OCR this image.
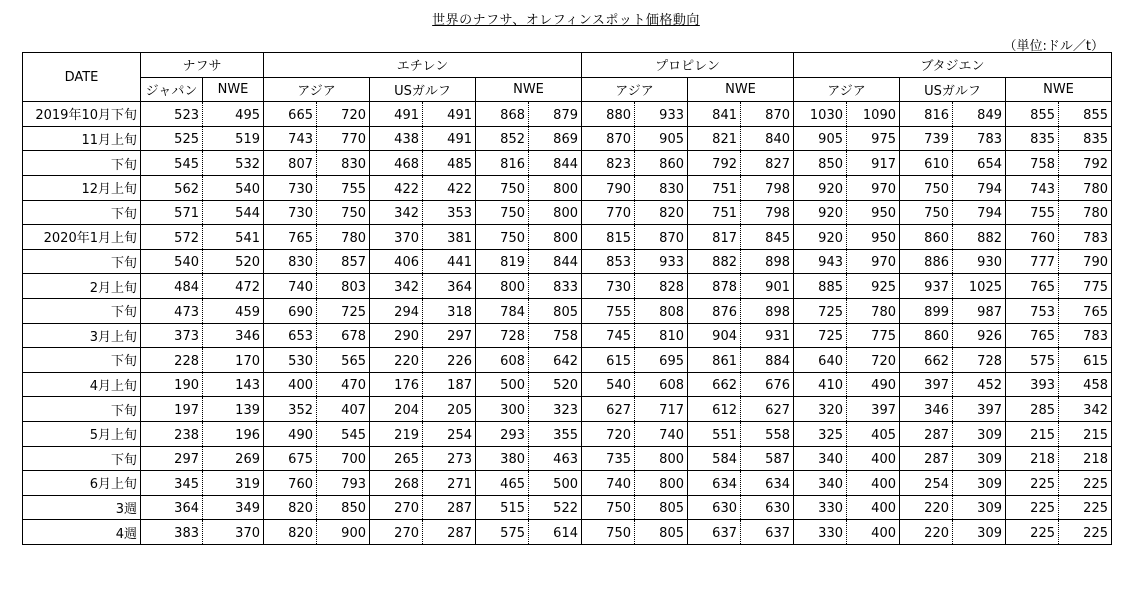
世界のナフサ、オレフィンスポット価格動向
（単位:ドル／t）
DATE	ナフサ		エチレン						プロピレン				ブタジエン					
	ジャパン	NWE	アジア		USガルフ		NWE		アジア		NWE		アジア		USガルフ		NWE	
2019年10月下旬	523	495	665	720	491	491	868	879	880	933	841	870	1030	1090	816	849	855	855
11月上旬	525	519	743	770	438	491	852	869	870	905	821	840	905	975	739	783	835	835
下旬	545	532	807	830	468	485	816	844	823	860	792	827	850	917	610	654	758	792
12月上旬	562	540	730	755	422	422	750	800	790	830	751	798	920	970	750	794	743	780
下旬	571	544	730	750	342	353	750	800	770	820	751	798	920	950	750	794	755	780
2020年1月上旬	572	541	765	780	370	381	750	800	815	870	817	845	920	950	860	882	760	783
下旬	540	520	830	857	406	441	819	844	853	933	882	898	943	970	886	930	777	790
2月上旬	484	472	740	803	342	364	800	833	730	828	878	901	885	925	937	1025	765	775
下旬	473	459	690	725	294	318	784	805	755	808	876	898	725	780	899	987	753	765
3月上旬	373	346	653	678	290	297	728	758	745	810	904	931	725	775	860	926	765	783
下旬	228	170	530	565	220	226	608	642	615	695	861	884	640	720	662	728	575	615
4月上旬	190	143	400	470	176	187	500	520	540	608	662	676	410	490	397	452	393	458
下旬	197	139	352	407	204	205	300	323	627	717	612	627	320	397	346	397	285	342
5月上旬	238	196	490	545	219	254	293	355	720	740	551	558	325	405	287	309	215	215
下旬	297	269	675	700	265	273	380	463	735	800	584	587	340	400	287	309	218	218
6月上旬	345	319	760	793	268	271	465	500	740	800	634	634	340	400	254	309	225	225
3週	364	349	820	850	270	287	515	522	750	805	630	630	330	400	220	309	225	225
4週	383	370	820	900	270	287	575	614	750	805	637	637	330	400	220	309	225	225
